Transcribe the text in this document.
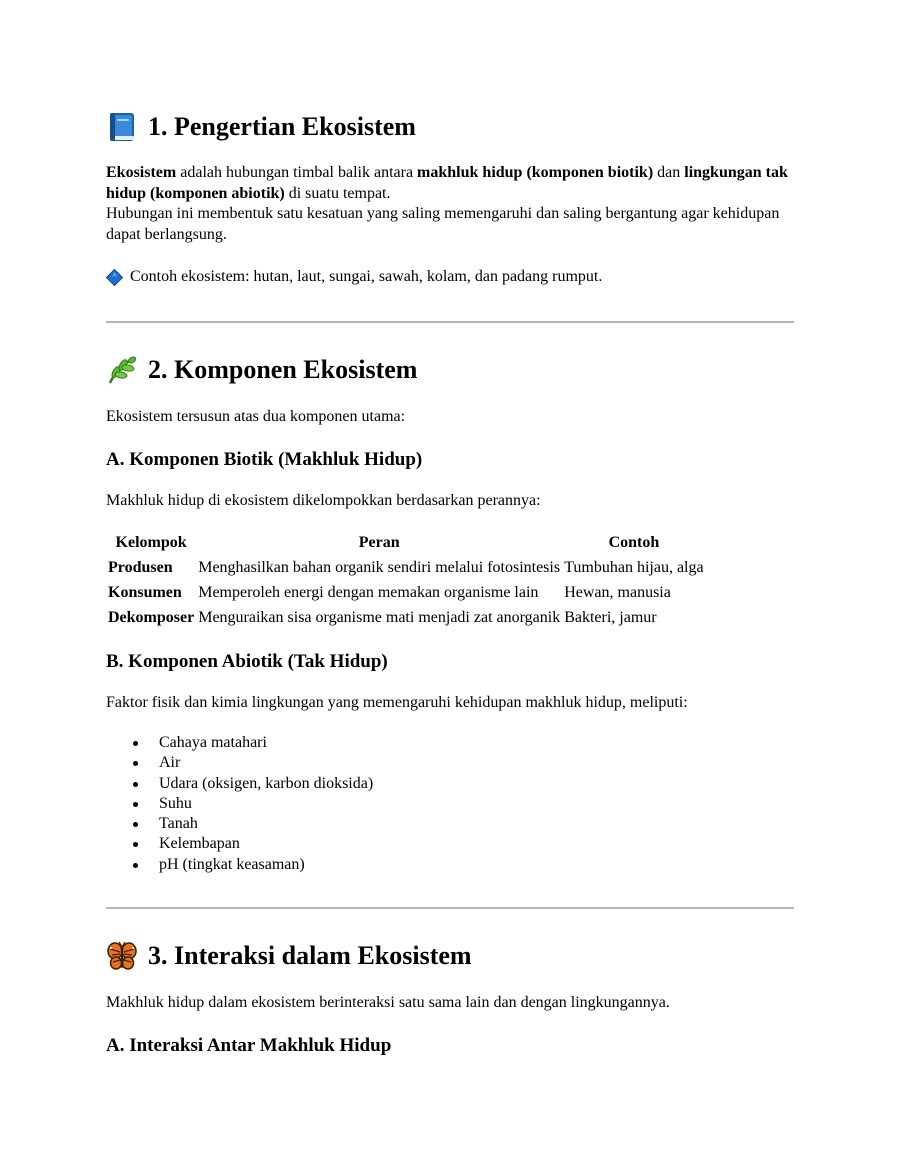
1. Pengertian Ekosistem

Ekosistem adalah hubungan timbal balik antara makhluk hidup (komponen biotik) dan lingkungan tak hidup (komponen abiotik) di suatu tempat.
Hubungan ini membentuk satu kesatuan yang saling memengaruhi dan saling bergantung agar kehidupan dapat berlangsung.

Contoh ekosistem: hutan, laut, sungai, sawah, kolam, dan padang rumput.

2. Komponen Ekosistem

Ekosistem tersusun atas dua komponen utama:

A. Komponen Biotik (Makhluk Hidup)

Makhluk hidup di ekosistem dikelompokkan berdasarkan perannya:

Kelompok	Peran	Contoh
Produsen	Menghasilkan bahan organik sendiri melalui fotosintesis	Tumbuhan hijau, alga
Konsumen	Memperoleh energi dengan memakan organisme lain	Hewan, manusia
Dekomposer	Menguraikan sisa organisme mati menjadi zat anorganik	Bakteri, jamur
B. Komponen Abiotik (Tak Hidup)

Faktor fisik dan kimia lingkungan yang memengaruhi kehidupan makhluk hidup, meliputi:

Cahaya matahari
Air
Udara (oksigen, karbon dioksida)
Suhu
Tanah
Kelembapan
pH (tingkat keasaman)
3. Interaksi dalam Ekosistem

Makhluk hidup dalam ekosistem berinteraksi satu sama lain dan dengan lingkungannya.

A. Interaksi Antar Makhluk Hidup
